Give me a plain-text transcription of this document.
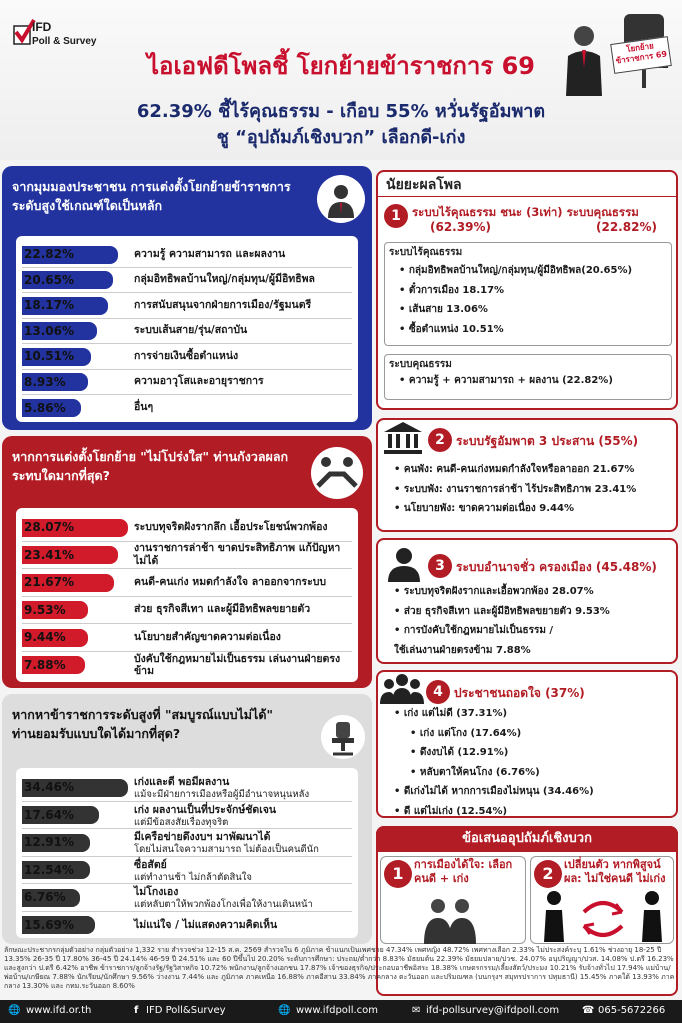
IFD
Poll & Survey
ไอเอฟดีโพลชี้ โยกย้ายข้าราชการ 69
62.39% ชี้ไร้คุณธรรม - เกือบ 55% หวั่นรัฐอัมพาต
ชู “อุปถัมภ์เชิงบวก” เลือกดี-เก่ง
โยกย้าย ข้าราชการ 69
จากมุมมองประชาชน การแต่งตั้งโยกย้ายข้าราชการระดับสูงใช้เกณฑ์ใดเป็นหลัก
22.82%	ความรู้ ความสามารถ และผลงาน
20.65%	กลุ่มอิทธิพลบ้านใหญ่/กลุ่มทุน/ผู้มีอิทธิพล
18.17%	การสนับสนุนจากฝ่ายการเมือง/รัฐมนตรี
13.06%	ระบบเส้นสาย/รุ่น/สถาบัน
10.51%	การจ่ายเงินซื้อตำแหน่ง
8.93%	ความอาวุโสและอายุราชการ
5.86%	อื่นๆ
หากการแต่งตั้งโยกย้าย "ไม่โปร่งใส" ท่านกังวลผลกระทบใดมากที่สุด?
28.07%	ระบบทุจริตฝังรากลึก เอื้อประโยชน์พวกพ้อง
23.41%	งานราชการล่าช้า ขาดประสิทธิภาพ แก้ปัญหาไม่ได้
21.67%	คนดี-คนเก่ง หมดกำลังใจ ลาออกจากระบบ
9.53%	ส่วย ธุรกิจสีเทา และผู้มีอิทธิพลขยายตัว
9.44%	นโยบายสำคัญขาดความต่อเนื่อง
7.88%	บังคับใช้กฎหมายไม่เป็นธรรม เล่นงานฝ่ายตรงข้าม
หากหาข้าราชการระดับสูงที่ "สมบูรณ์แบบไม่ได้" ท่านยอมรับแบบใดได้มากที่สุด?
34.46%	เก่งและดี พอมีผลงาน
แม้จะมีฝ่ายการเมืองหรือผู้มีอำนาจหนุนหลัง
17.64%	เก่ง ผลงานเป็นที่ประจักษ์ชัดเจน
แต่มีข้อสงสัยเรื่องทุจริต
12.91%	มีเครือข่ายดึงงบฯ มาพัฒนาได้
โดยไม่สนใจความสามารถ ไม่ต้องเป็นคนดีนัก
12.54%	ซื่อสัตย์
แต่ทำงานช้า ไม่กล้าตัดสินใจ
6.76%	ไม่โกงเอง
แต่หลับตาให้พวกพ้องโกงเพื่อให้งานเดินหน้า
15.69%	ไม่แน่ใจ / ไม่แสดงความคิดเห็น
นัยยะผลโพล
1 ระบบไร้คุณธรรม ชนะ (3เท่า) ระบบคุณธรรม
(62.39%)	(22.82%)
ระบบไร้คุณธรรม
• กลุ่มอิทธิพลบ้านใหญ่/กลุ่มทุน/ผู้มีอิทธิพล(20.65%)
• ตั๋วการเมือง 18.17%
• เส้นสาย 13.06%
• ซื้อตำแหน่ง 10.51%
ระบบคุณธรรม
• ความรู้ + ความสามารถ + ผลงาน (22.82%)
2 ระบบรัฐอัมพาต 3 ประสาน (55%)
• คนพัง: คนดี-คนเก่งหมดกำลังใจหรือลาออก 21.67%
• ระบบพัง: งานราชการล่าช้า ไร้ประสิทธิภาพ 23.41%
• นโยบายพัง: ขาดความต่อเนื่อง 9.44%
3 ระบบอำนาจชั่ว ครองเมือง (45.48%)
• ระบบทุจริตฝังรากและเอื้อพวกพ้อง 28.07%
• ส่วย ธุรกิจสีเทา และผู้มีอิทธิพลขยายตัว 9.53%
• การบังคับใช้กฎหมายไม่เป็นธรรม /
ใช้เล่นงานฝ่ายตรงข้าม 7.88%
4 ประชาชนถอดใจ (37%)
• เก่ง แต่ไม่ดี (37.31%)
• เก่ง แต่โกง (17.64%)
• ดึงงบได้ (12.91%)
• หลับตาให้คนโกง (6.76%)
• ดีเก่งไม่ได้ หากการเมืองไม่หนุน (34.46%)
• ดี แต่ไม่เก่ง (12.54%)
ข้อเสนออุปถัมภ์เชิงบวก
1 การเมืองได้ใจ: เลือกคนดี + เก่ง	2 เปลี่ยนตัว หากพิสูจน์ผล: ไม่ใช่คนดี ไม่เก่ง
ลักษณะประชากรกลุ่มตัวอย่าง กลุ่มตัวอย่าง 1,332 ราย สำรวจช่วง 12-15 ส.ค. 2569 สำรวจใน 6 ภูมิภาค ข้าแนกเป็นเพศชาย 47.34% เพศหญิง 48.72% เพศทางเลือก 2.33% ไม่ประสงค์ระบุ 1.61% ช่วงอายุ 18-25 ปี 13.35% 26-35 ปี 17.80% 36-45 ปี 24.14% 46-59 ปี 24.51% และ 60 ปีขึ้นไป 20.20% ระดับการศึกษา: ประถม/ต่ำกว่า 8.83% มัธยมต้น 22.39% มัธยมปลาย/ปวช. 24.07% อนุปริญญา/ปวส. 14.08% ป.ตรี 16.23% และสูงกว่า ป.ตรี 6.42% อาชีพ ข้าราชการ/ลูกจ้างรัฐ/รัฐวิสาหกิจ 10.72% พนักงาน/ลูกจ้างเอกชน 17.87% เจ้าของธุรกิจ/ประกอบอาชีพอิสระ 18.38% เกษตรกรรม/เลี้ยงสัตว์/ประมง 10.21% รับจ้างทั่วไป 17.94% แม่บ้าน/พ่อบ้าน/เกษียณ 7.88% นักเรียน/นักศึกษา 9.56% ว่างงาน 7.44% และ ภูมิภาค ภาคเหนือ 16.88% ภาคอีสาน 33.84% ภาคกลาง ตะวันออก และปริมณฑล (บนกรุงฯ สมุทรปราการ ปทุมธานี) 15.45% ภาคใต้ 13.93% ภาคกลาง 13.30% และ กทม.ระวันออก 8.60%
🌐 www.ifd.or.th	f IFD Poll&Survey	🌐 www.ifdpoll.com	✉ ifd-pollsurvey@ifdpoll.com ☎ 065-5672266
